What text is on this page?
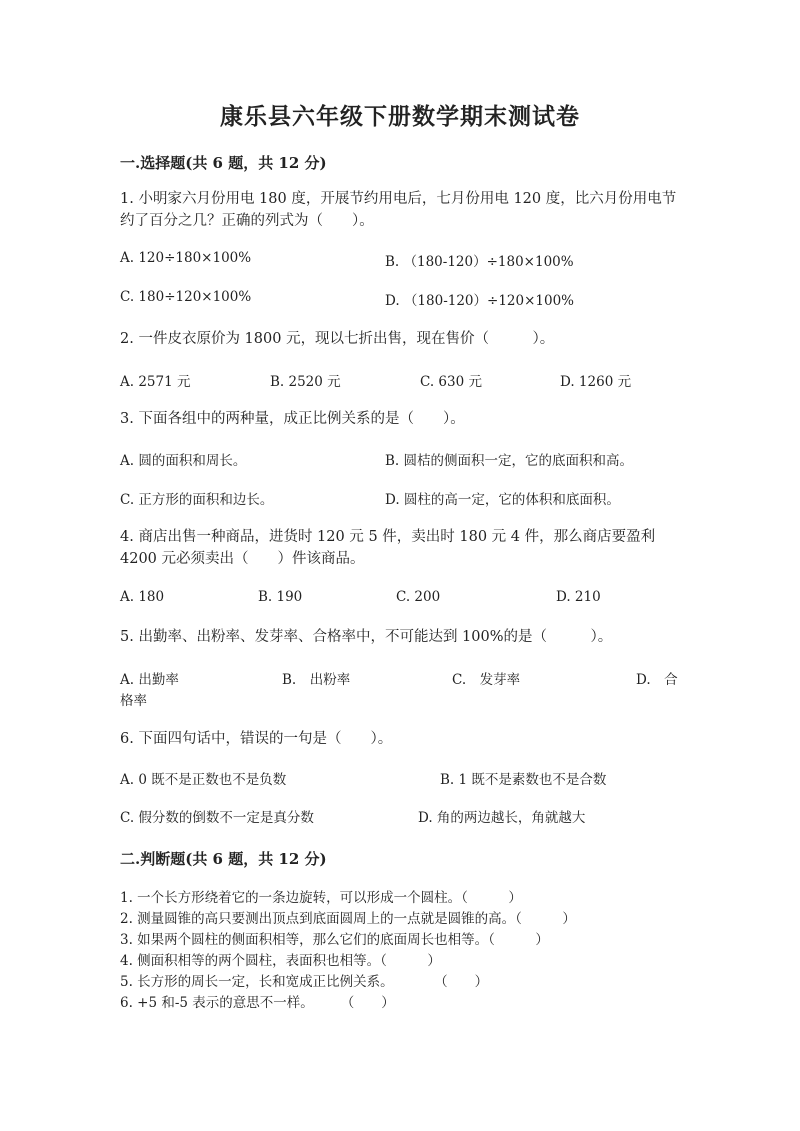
康乐县六年级下册数学期末测试卷
一.选择题(共 6 题，共 12 分)
1. 小明家六月份用电 180 度，开展节约用电后，七月份用电 120 度，比六月份用电节约了百分之几？正确的列式为（　　）。
A. 120÷180×100%	B. （180-120）÷180×100%
C. 180÷120×100%	D. （180-120）÷120×100%
2. 一件皮衣原价为 1800 元，现以七折出售，现在售价（　　　）。
A. 2571 元	B. 2520 元	C. 630 元	D. 1260 元
3. 下面各组中的两种量，成正比例关系的是（　　）。
A. 圆的面积和周长。	B. 圆桔的侧面积一定，它的底面积和高。
C. 正方形的面积和边长。	D. 圆柱的高一定，它的体积和底面积。
4. 商店出售一种商品，进货时 120 元 5 件，卖出时 180 元 4 件，那么商店要盈利 4200 元必须卖出（　　）件该商品。
A. 180	B. 190	C. 200	D. 210
5. 出勤率、出粉率、发芽率、合格率中，不可能达到 100%的是（　　　）。
A. 出勤率	B.　出粉率	C.　发芽率	D.　合
格率
6. 下面四句话中，错误的一句是（　　）。
A. 0 既不是正数也不是负数	B. 1 既不是素数也不是合数
C. 假分数的倒数不一定是真分数	D. 角的两边越长，角就越大
二.判断题(共 6 题，共 12 分)
1. 一个长方形绕着它的一条边旋转，可以形成一个圆柱。（　　　）
2. 测量圆锥的高只要测出顶点到底面圆周上的一点就是圆锥的高。（　　　）
3. 如果两个圆柱的侧面积相等，那么它们的底面周长也相等。（　　　）
4. 侧面积相等的两个圆柱，表面积也相等。（　　　）
5. 长方形的周长一定，长和宽成正比例关系。　　　　（　　）
6. +5 和-5 表示的意思不一样。　　　（　　）
